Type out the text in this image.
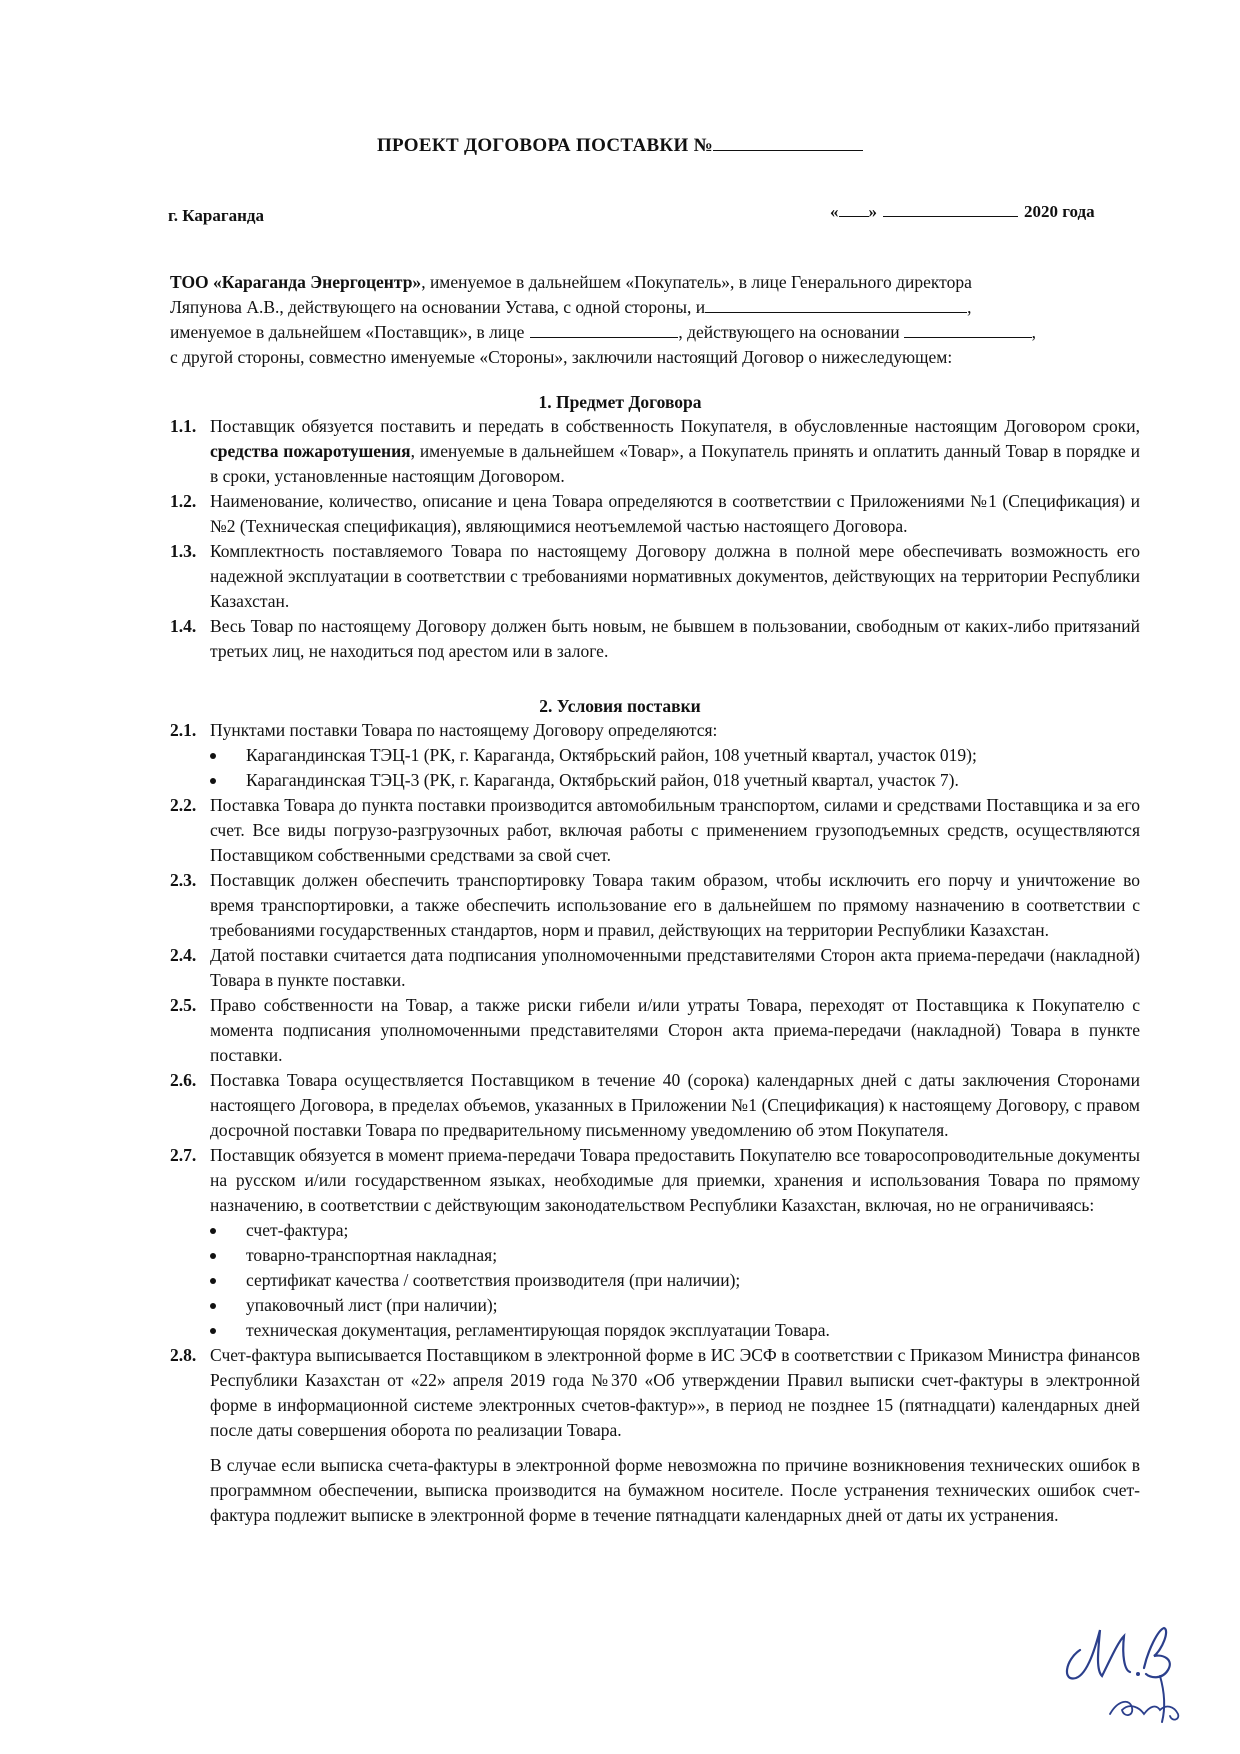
ПРОЕКТ ДОГОВОРА ПОСТАВКИ №
г. Караганда	« »	2020 года
ТОО «Караганда Энергоцентр», именуемое в дальнейшем «Покупатель», в лице Генерального директора
Ляпунова А.В., действующего на основании Устава, с одной стороны, и	,
именуемое в дальнейшем «Поставщик», в лице	, действующего на основании	,
с другой стороны, совместно именуемые «Стороны», заключили настоящий Договор о нижеследующем:
1. Предмет Договора
1.1. Поставщик обязуется поставить и передать в собственность Покупателя, в обусловленные настоящим Договором сроки, средства пожаротушения, именуемые в дальнейшем «Товар», а Покупатель принять и оплатить данный Товар в порядке и в сроки, установленные настоящим Договором.
1.2. Наименование, количество, описание и цена Товара определяются в соответствии с Приложениями №1 (Спецификация) и №2 (Техническая спецификация), являющимися неотъемлемой частью настоящего Договора.
1.3. Комплектность поставляемого Товара по настоящему Договору должна в полной мере обеспечивать возможность его надежной эксплуатации в соответствии с требованиями нормативных документов, действующих на территории Республики Казахстан.
1.4. Весь Товар по настоящему Договору должен быть новым, не бывшем в пользовании, свободным от каких-либо притязаний третьих лиц, не находиться под арестом или в залоге.
2. Условия поставки
2.1. Пунктами поставки Товара по настоящему Договору определяются:
Карагандинская ТЭЦ-1 (РК, г. Караганда, Октябрьский район, 108 учетный квартал, участок 019);
Карагандинская ТЭЦ-3 (РК, г. Караганда, Октябрьский район, 018 учетный квартал, участок 7).
2.2. Поставка Товара до пункта поставки производится автомобильным транспортом, силами и средствами Поставщика и за его счет. Все виды погрузо-разгрузочных работ, включая работы с применением грузоподъемных средств, осуществляются Поставщиком собственными средствами за свой счет.
2.3. Поставщик должен обеспечить транспортировку Товара таким образом, чтобы исключить его порчу и уничтожение во время транспортировки, а также обеспечить использование его в дальнейшем по прямому назначению в соответствии с требованиями государственных стандартов, норм и правил, действующих на территории Республики Казахстан.
2.4. Датой поставки считается дата подписания уполномоченными представителями Сторон акта приема-передачи (накладной) Товара в пункте поставки.
2.5. Право собственности на Товар, а также риски гибели и/или утраты Товара, переходят от Поставщика к Покупателю с момента подписания уполномоченными представителями Сторон акта приема-передачи (накладной) Товара в пункте поставки.
2.6. Поставка Товара осуществляется Поставщиком в течение 40 (сорока) календарных дней с даты заключения Сторонами настоящего Договора, в пределах объемов, указанных в Приложении №1 (Спецификация) к настоящему Договору, с правом досрочной поставки Товара по предварительному письменному уведомлению об этом Покупателя.
2.7. Поставщик обязуется в момент приема-передачи Товара предоставить Покупателю все товаросопроводительные документы на русском и/или государственном языках, необходимые для приемки, хранения и использования Товара по прямому назначению, в соответствии с действующим законодательством Республики Казахстан, включая, но не ограничиваясь:
счет-фактура;
товарно-транспортная накладная;
сертификат качества / соответствия производителя (при наличии);
упаковочный лист (при наличии);
техническая документация, регламентирующая порядок эксплуатации Товара.
2.8. Счет-фактура выписывается Поставщиком в электронной форме в ИС ЭСФ в соответствии с Приказом Министра финансов Республики Казахстан от «22» апреля 2019 года №370 «Об утверждении Правил выписки счет-фактуры в электронной форме в информационной системе электронных счетов-фактур»», в период не позднее 15 (пятнадцати) календарных дней после даты совершения оборота по реализации Товара.
В случае если выписка счета-фактуры в электронной форме невозможна по причине возникновения технических ошибок в программном обеспечении, выписка производится на бумажном носителе. После устранения технических ошибок счет-фактура подлежит выписке в электронной форме в течение пятнадцати календарных дней от даты их устранения.
